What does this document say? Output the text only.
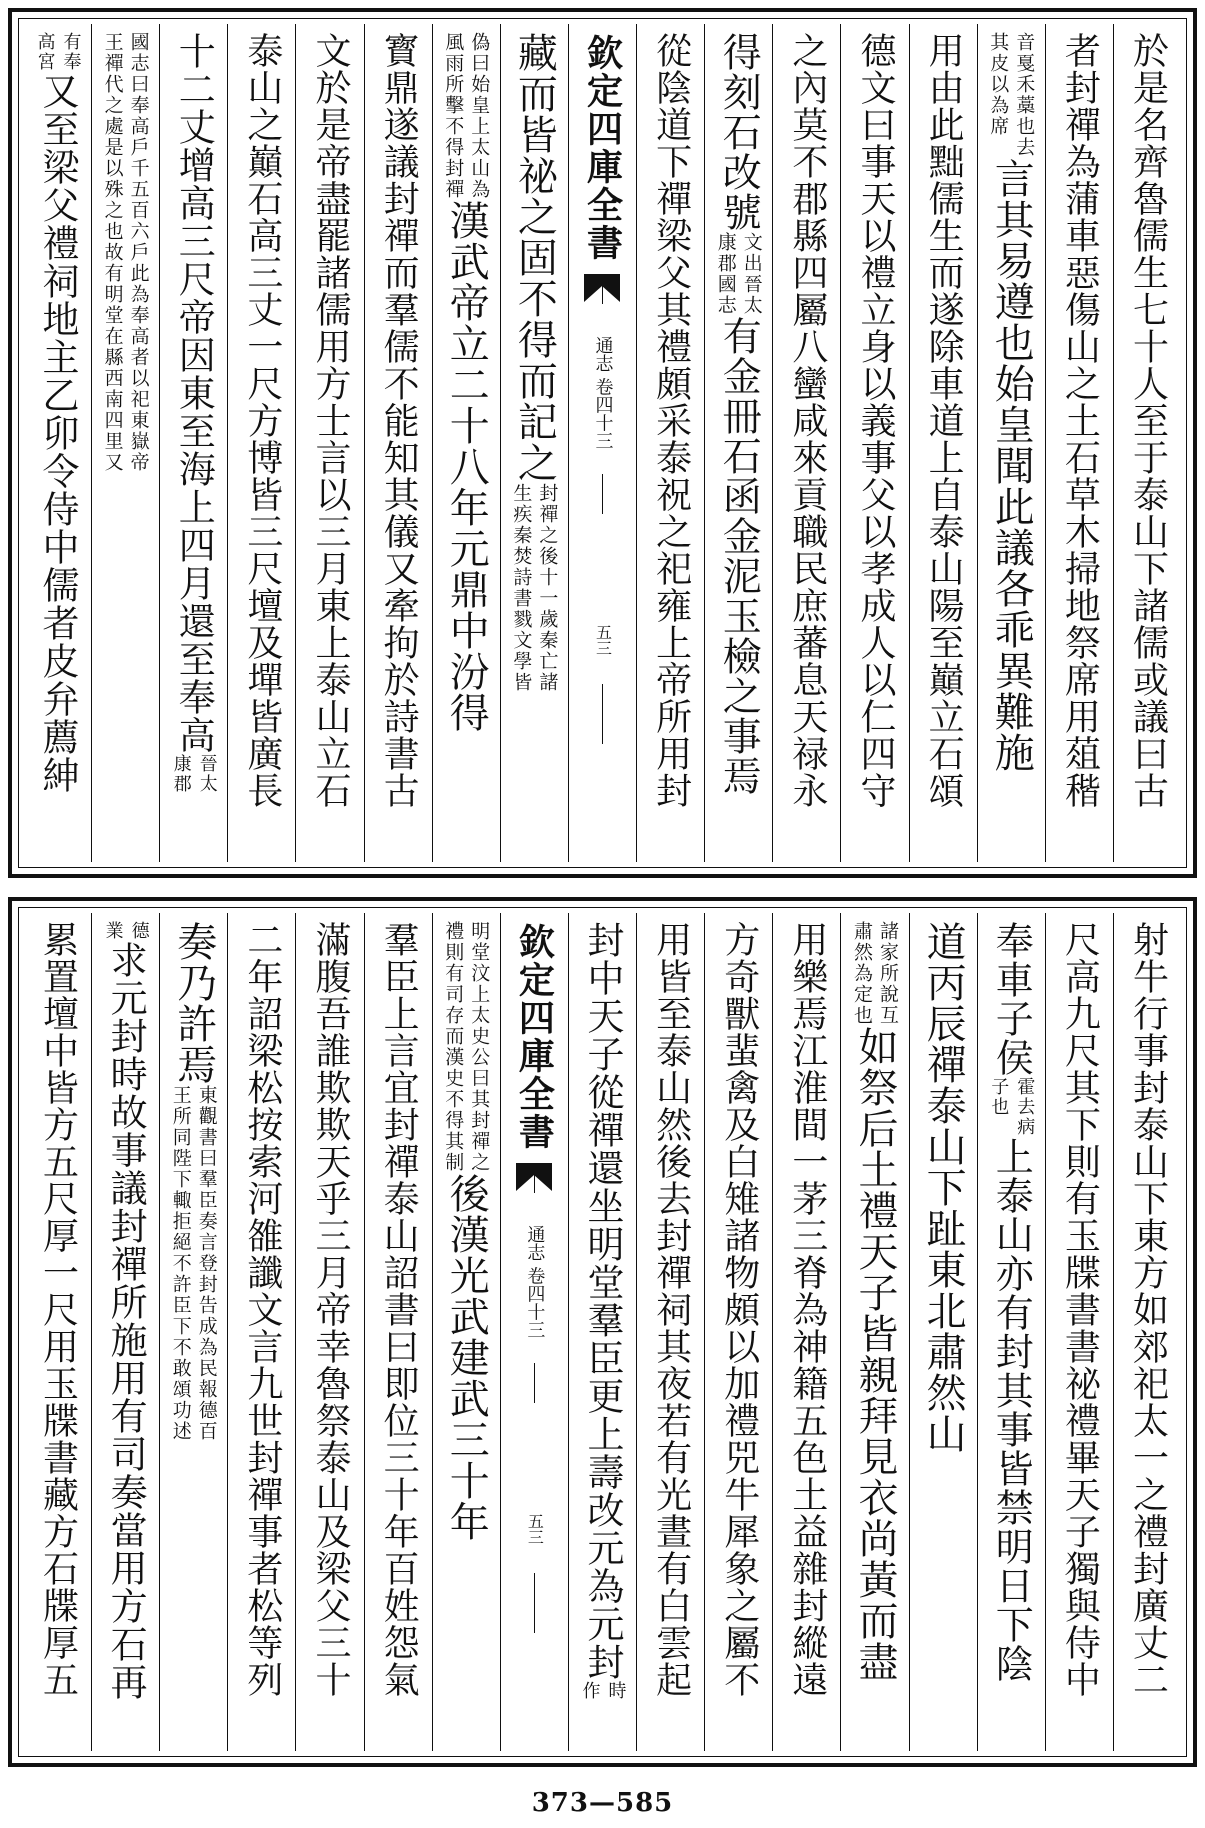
於是名齊魯儒生七十人至于泰山下諸儒或議曰古
者封禪為蒲車惡傷山之土石草木掃地祭席用葅稭
音戛禾藁也去
其皮以為席
言其易遵也始皇聞此議各乖異難施
用由此黜儒生而遂除車道上自泰山陽至巔立石頌
德文曰事天以禮立身以義事父以孝成人以仁四守
之內莫不郡縣四屬八蠻咸來貢職民庶蕃息天禄永
得刻石改號
文出晉太
康郡國志
有金冊石函金泥玉檢之事焉
從陰道下禪梁父其禮頗采泰祝之祀雍上帝所用封
欽定四庫全書
通志 卷四十三
五三
藏而皆祕之固不得而記之
封禪之後十一歲秦亡諸
生疾秦焚詩書戮文學皆
偽曰始皇上太山為
風雨所擊不得封禪
漢武帝立二十八年元鼎中汾得
寳鼎遂議封禪而羣儒不能知其儀又牽拘於詩書古
文於是帝盡罷諸儒用方士言以三月東上泰山立石
泰山之巔石高三丈一尺方博皆三尺壇及墠皆廣長
十二丈增高三尺帝因東至海上四月還至奉高
晉太
康郡
國志曰奉高戶千五百六戶此為奉高者以祀東嶽帝
王禪代之處是以殊之也故有明堂在縣西南四里又
有奉
高宮
又至梁父禮祠地主乙卯令侍中儒者皮弁薦紳
射牛行事封泰山下東方如郊祀太一之禮封廣丈二
尺高九尺其下則有玉牒書書祕禮畢天子獨與侍中
奉車子侯
霍去病
子也
上泰山亦有封其事皆禁明日下陰
道丙辰禪泰山下趾東北肅然山
諸家所說互
肅然為定也
如祭后土禮天子皆親拜見衣尚黃而盡
用樂焉江淮間一茅三脊為神籍五色土益雜封縱遠
方奇獸蜚禽及白雉諸物頗以加禮兕牛犀象之屬不
用皆至泰山然後去封禪祠其夜若有光晝有白雲起
封中天子從禪還坐明堂羣臣更上壽改元為元封
時
作
欽定四庫全書
通志 卷四十三
五三
明堂汶上太史公曰其封禪之
禮則有司存而漢史不得其制
後漢光武建武三十年
羣臣上言宜封禪泰山詔書曰即位三十年百姓怨氣
滿腹吾誰欺欺天乎三月帝幸魯祭泰山及梁父三十
二年詔梁松按索河雒讖文言九世封禪事者松等列
奏乃許焉
東觀書曰羣臣奏言登封告成為民報德百
王所同陛下輙拒絕不許臣下不敢頌功述
德
業
求元封時故事議封禪所施用有司奏當用方石再
累置壇中皆方五尺厚一尺用玉牒書藏方石牒厚五
373—585
